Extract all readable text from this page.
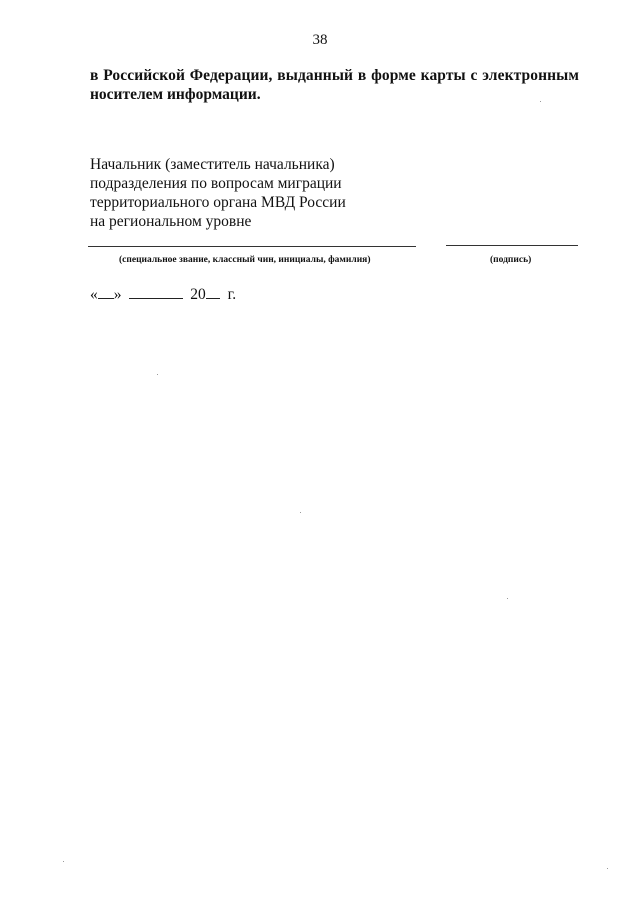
38
в Российской Федерации, выданный в форме карты с электронным
носителем информации.
Начальник (заместитель начальника)
подразделения по вопросам миграции
территориального органа МВД России
на региональном уровне
(специальное звание, классный чин, инициалы, фамилия)	(подпись)
« »	20 г.
